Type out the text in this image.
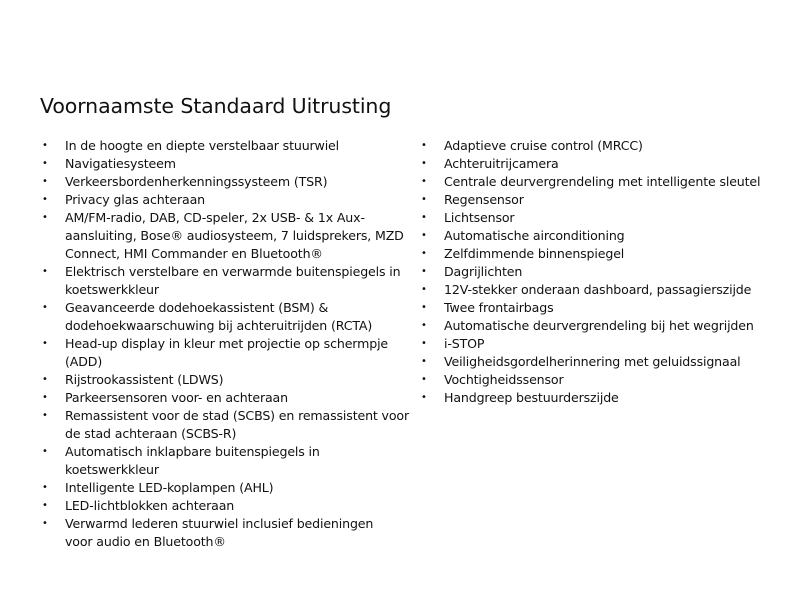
Voornaamste Standaard Uitrusting
• In de hoogte en diepte verstelbaar stuurwiel
• Navigatiesysteem
• Verkeersbordenherkenningssysteem (TSR)
• Privacy glas achteraan
• AM/FM-radio, DAB, CD-speler, 2x USB- & 1x Aux-
aansluiting, Bose® audiosysteem, 7 luidsprekers, MZD
Connect, HMI Commander en Bluetooth®
• Elektrisch verstelbare en verwarmde buitenspiegels in
koetswerkkleur
• Geavanceerde dodehoekassistent (BSM) &
dodehoekwaarschuwing bij achteruitrijden (RCTA)
• Head-up display in kleur met projectie op schermpje
(ADD)
• Rijstrookassistent (LDWS)
• Parkeersensoren voor- en achteraan
• Remassistent voor de stad (SCBS) en remassistent voor
de stad achteraan (SCBS-R)
• Automatisch inklapbare buitenspiegels in
koetswerkkleur
• Intelligente LED-koplampen (AHL)
• LED-lichtblokken achteraan
• Verwarmd lederen stuurwiel inclusief bedieningen
voor audio en Bluetooth®
• Adaptieve cruise control (MRCC)
• Achteruitrijcamera
• Centrale deurvergrendeling met intelligente sleutel
• Regensensor
• Lichtsensor
• Automatische airconditioning
• Zelfdimmende binnenspiegel
• Dagrijlichten
• 12V-stekker onderaan dashboard, passagierszijde
• Twee frontairbags
• Automatische deurvergrendeling bij het wegrijden
• i-STOP
• Veiligheidsgordelherinnering met geluidssignaal
• Vochtigheidssensor
• Handgreep bestuurderszijde
